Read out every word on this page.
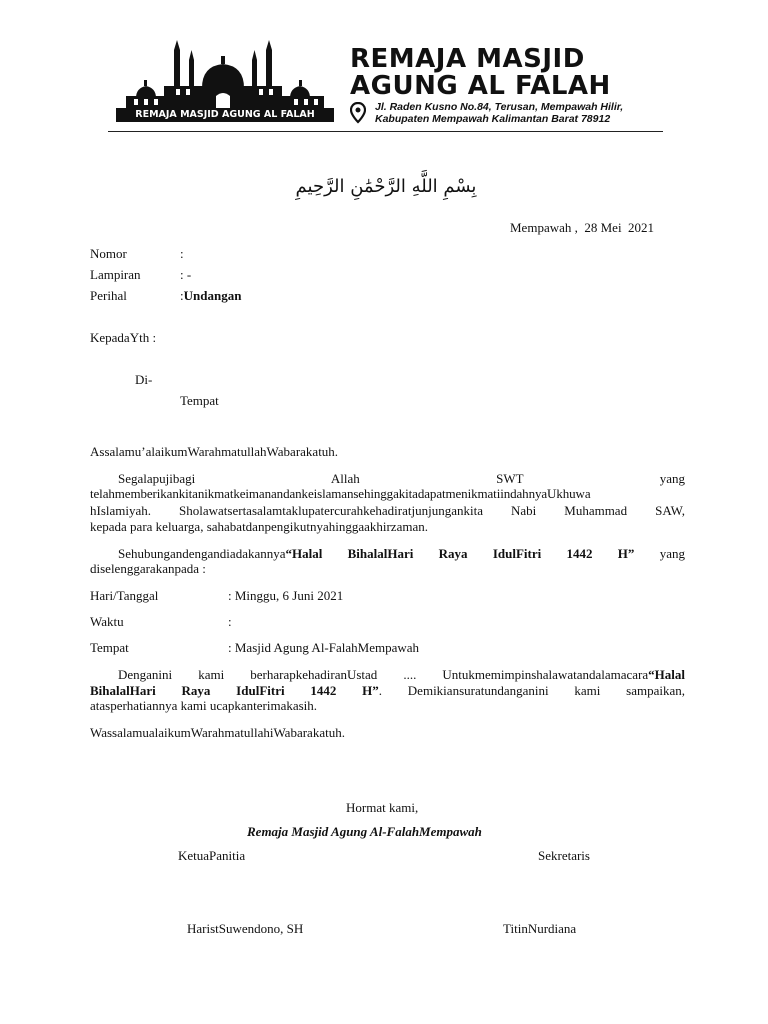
REMAJA MASJID AGUNG AL FALAH
REMAJA MASJID
AGUNG AL FALAH
Jl. Raden Kusno No.84, Terusan, Mempawah Hilir,
Kabupaten Mempawah Kalimantan Barat 78912
بِسْمِ اللَّهِ الرَّحْمَٰنِ الرَّحِيمِ
Mempawah ,  28 Mei  2021
Nomor	:
Lampiran	: -
Perihal	:Undangan
KepadaYth :
Di-
Tempat
Assalamu’alaikumWarahmatullahWabarakatuh.
Segalapujibagi                          Allah                          SWT                          yang
telahmemberikankitanikmatkeimanandankeislamansehinggakitadapatmenikmatiindahnyaUkhuwa
hIslamiyah. Sholawatsertasalamtaklupatercurahkehadiratjunjungankita Nabi Muhammad SAW,
kepada para keluarga, sahabatdanpengikutnyahinggaakhirzaman.
Sehubungandengandiadakannya“Halal BihalalHari Raya IdulFitri 1442 H” yang
diselenggarakanpada :
Hari/Tanggal	: Minggu, 6 Juni 2021
Waktu	:
Tempat	: Masjid Agung Al-FalahMempawah
Denganini kami berharapkehadiranUstad .... Untukmemimpinshalawatandalamacara“Halal
BihalalHari Raya IdulFitri 1442 H”. Demikiansuratundanganini kami sampaikan,
atasperhatiannya kami ucapkanterimakasih.
WassalamualaikumWarahmatullahiWabarakatuh.
Hormat kami,
Remaja Masjid Agung Al-FalahMempawah
KetuaPanitia	Sekretaris
HaristSuwendono, SH	TitinNurdiana
